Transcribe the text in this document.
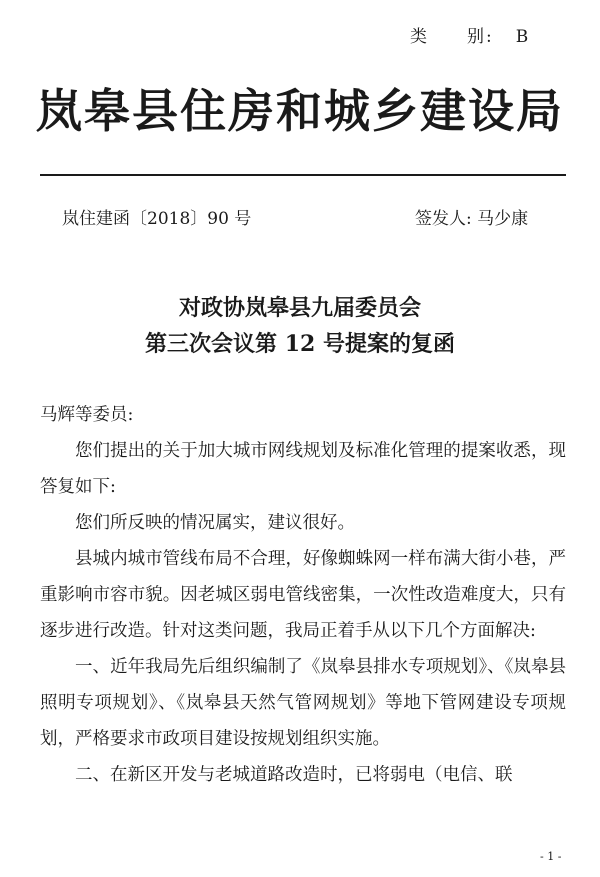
类　　别: B
岚皋县住房和城乡建设局
岚住建函〔2018〕90 号	签发人: 马少康
对政协岚皋县九届委员会
第三次会议第 12 号提案的复函

马辉等委员:

您们提出的关于加大城市网线规划及标准化管理的提案收悉，现答复如下:

您们所反映的情况属实，建议很好。

县城内城市管线布局不合理，好像蜘蛛网一样布满大街小巷，严重影响市容市貌。因老城区弱电管线密集，一次性改造难度大，只有逐步进行改造。针对这类问题，我局正着手从以下几个方面解决:

一、近年我局先后组织编制了《岚皋县排水专项规划》、《岚皋县照明专项规划》、《岚皋县天然气管网规划》等地下管网建设专项规划，严格要求市政项目建设按规划组织实施。

二、在新区开发与老城道路改造时，已将弱电（电信、联

- 1 -
